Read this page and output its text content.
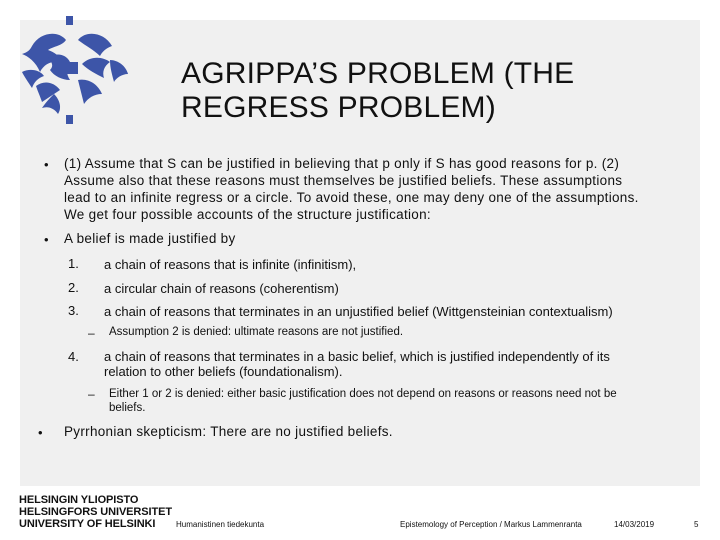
AGRIPPA’S PROBLEM (THE
REGRESS PROBLEM)
• (1) Assume that S can be justified in believing that p only if S has good reasons for p. (2)
Assume also that these reasons must themselves be justified beliefs. These assumptions
lead to an infinite regress or a circle. To avoid these, one may deny one of the assumptions.
We get four possible accounts of the structure justification:
• A belief is made justified by
1. a chain of reasons that is infinite (infinitism),
2. a circular chain of reasons (coherentism)
3. a chain of reasons that terminates in an unjustified belief (Wittgensteinian contextualism)
– Assumption 2 is denied: ultimate reasons are not justified.
4. a chain of reasons that terminates in a basic belief, which is justified independently of its
relation to other beliefs (foundationalism).
– Either 1 or 2 is denied: either basic justification does not depend on reasons or reasons need not be
beliefs.
• Pyrrhonian skepticism: There are no justified beliefs.
HELSINGIN YLIOPISTO
HELSINGFORS UNIVERSITET
UNIVERSITY OF HELSINKI	Humanistinen tiedekunta	Epistemology of Perception / Markus Lammenranta	14/03/2019	5
